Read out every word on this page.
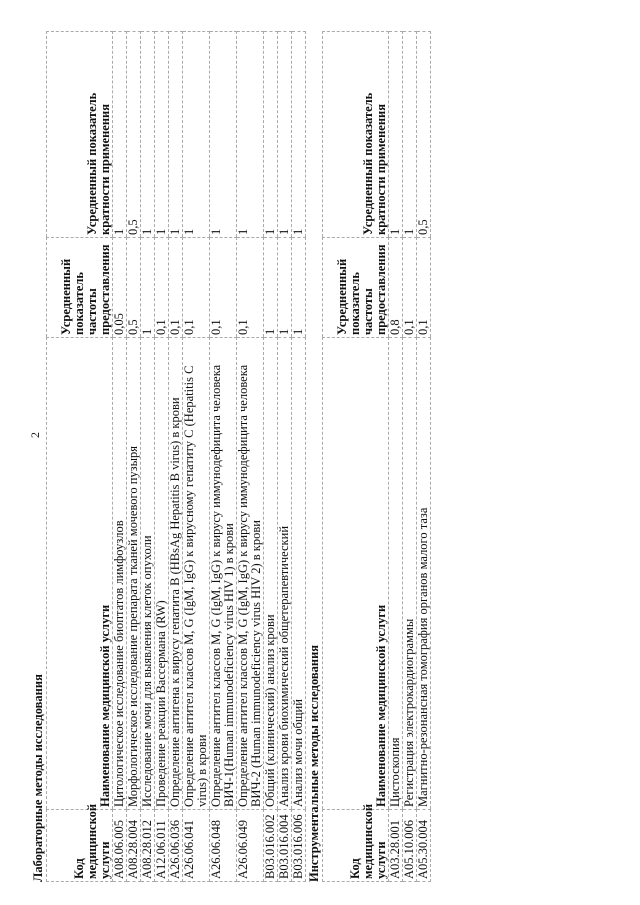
2
Лабораторные методы исследования Код медицинской услуги	Наименование медицинской услуги	Усредненный показатель частоты предоставления	Усредненный показатель кратности применения
A08.06.005	Цитологическое исследование биоптатов лимфоузлов	0,05	1
A08.28.004	Морфологическое исследование препарата тканей мочевого пузыря	0,5	0,5
A08.28.012	Исследование мочи для выявления клеток опухоли	1	1
A12.06.011	Проведение реакции Вассермана (RW)	0,1	1
A26.06.036	Определение антигена к вирусу гепатита B (HBsAg Hepatitis B virus) в крови	0,1	1
A26.06.041	Определение антител классов M, G (IgM, IgG) к вирусному гепатиту C (Hepatitis C virus) в крови	0,1	1
A26.06.048	Определение антител классов M, G (IgM, IgG) к вирусу иммунодефицита человека ВИЧ-1(Human immunodeficiency virus HIV 1) в крови	0,1	1
A26.06.049	Определение антител классов M, G (IgM, IgG) к вирусу иммунодефицита человека ВИЧ-2 (Human immunodeficiency virus HIV 2) в крови	0,1	1
B03.016.002	Общий (клинический) анализ крови	1	1
B03.016.004	Анализ крови биохимический общетерапевтический	1	1
B03.016.006	Анализ мочи общий	1	1
Инструментальные методы исследования Код медицинской услуги	Наименование медицинской услуги	Усредненный показатель частоты предоставления	Усредненный показатель кратности применения
A03.28.001	Цистоскопия	0,8	1
A05.10.006	Регистрация электрокардиограммы	0,1	1
A05.30.004	Магнитно-резонансная томография органов малого таза	0,1	0,5
